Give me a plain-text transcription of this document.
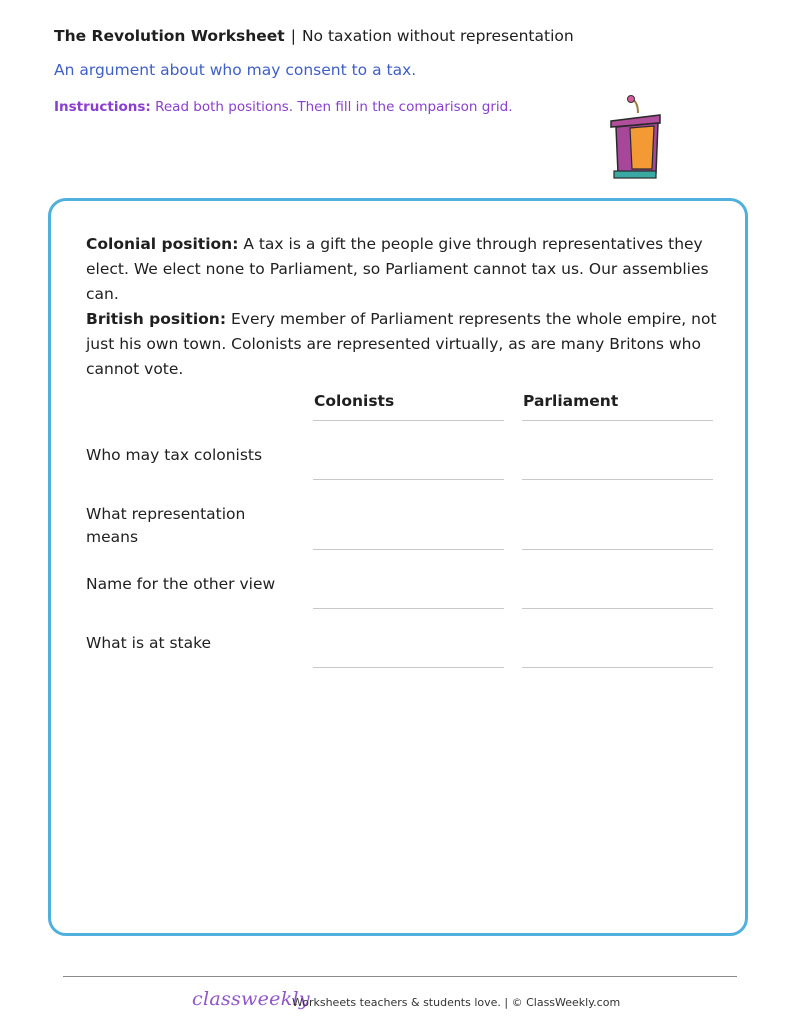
The Revolution Worksheet | No taxation without representation
An argument about who may consent to a tax.
Instructions: Read both positions. Then fill in the comparison grid.

Colonial position: A tax is a gift the people give through representatives they elect. We elect none to Parliament, so Parliament cannot tax us. Our assemblies can.

British position: Every member of Parliament represents the whole empire, not just his own town. Colonists are represented virtually, as are many Britons who cannot vote.

Colonists	Parliament
Who may tax colonists
What representation means
Name for the other view
What is at stake
classweekly
Worksheets teachers & students love. | © ClassWeekly.com
